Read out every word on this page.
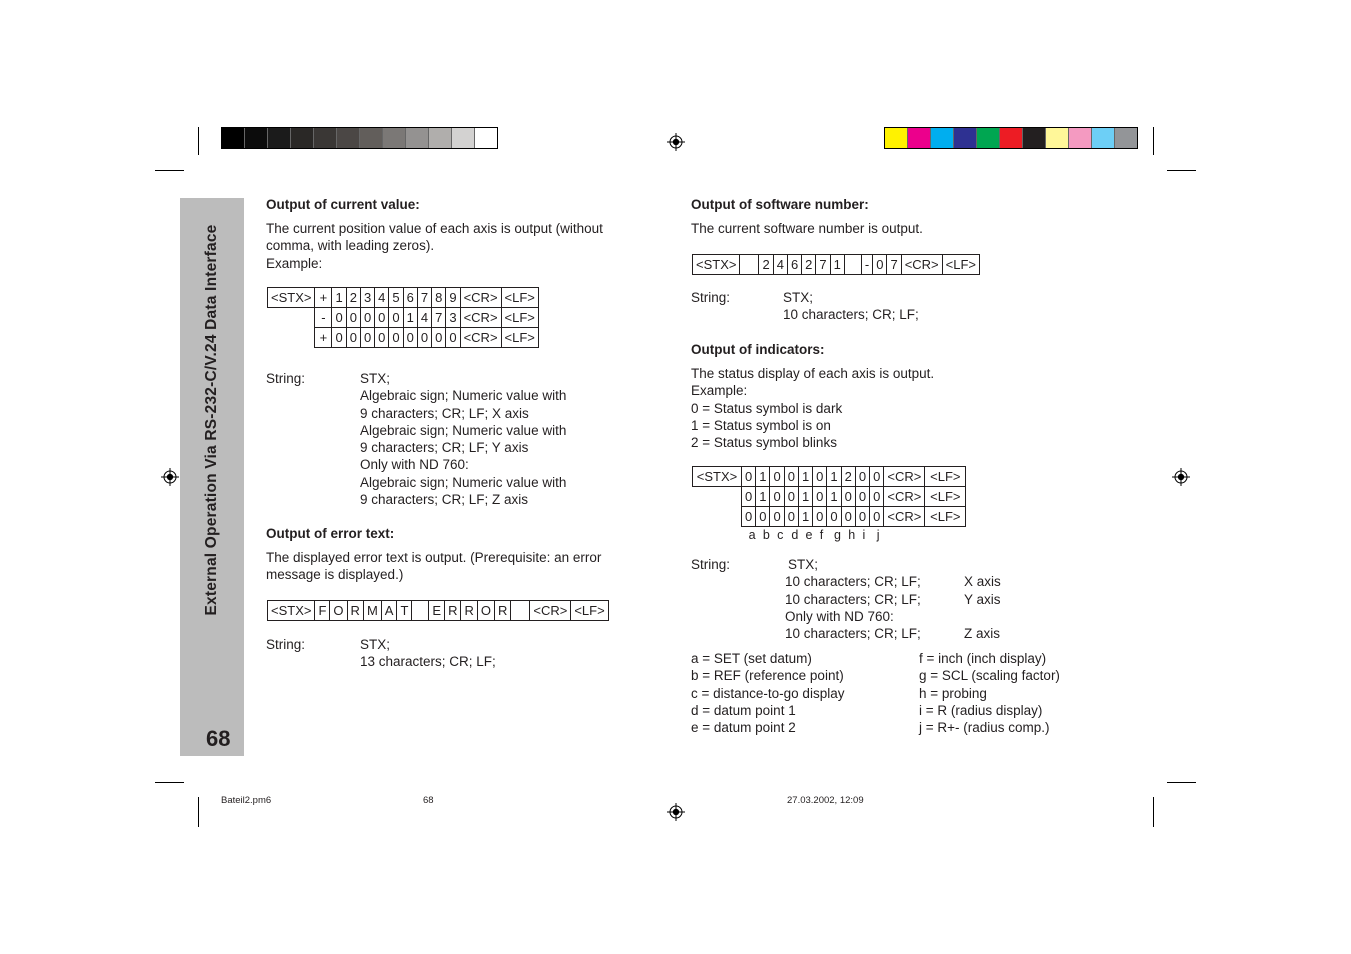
External Operation Via RS-232-C/V.24 Data Interface
68
Output of current value:
The current position value of each axis is output (without
comma, with leading zeros).
Example:
<STX>	+	1	2	3	4	5	6	7	8	9	<CR>	<LF>
	-	0	0	0	0	0	1	4	7	3	<CR>	<LF>
	+	0	0	0	0	0	0	0	0	0	<CR>	<LF>
String:	STX;
Algebraic sign; Numeric value with
9 characters; CR; LF; X axis
Algebraic sign; Numeric value with
9 characters; CR; LF; Y axis
Only with ND 760:
Algebraic sign; Numeric value with
9 characters; CR; LF; Z axis
Output of error text:
The displayed error text is output. (Prerequisite: an error
message is displayed.)
<STX>	F	O	R	M	A	T		E	R	R	O	R		<CR>	<LF>
String:	STX;
13 characters; CR; LF;
Output of software number:
The current software number is output.
<STX>		2	4	6	2	7	1		-	0	7	<CR>	<LF>
String:	STX;
10 characters; CR; LF;
Output of indicators:
The status display of each axis is output.
Example:
0 = Status symbol is dark
1 = Status symbol is on
2 = Status symbol blinks
<STX>	0	1	0	0	1	0	1	2	0	0	<CR>	<LF>
	0	1	0	0	1	0	1	0	0	0	<CR>	<LF>
	0	0	0	0	1	0	0	0	0	0	<CR>	<LF>
a b c d e f g h i j
String:	STX;
10 characters; CR; LF;	X axis
10 characters; CR; LF;	Y axis
Only with ND 760:
10 characters; CR; LF;	Z axis
a = SET (set datum)
b = REF (reference point)
c = distance-to-go display
d = datum point 1
e = datum point 2
f = inch (inch display)
g = SCL (scaling factor)
h = probing
i = R (radius display)
j = R+- (radius comp.)
Bateil2.pm6	68	27.03.2002, 12:09
